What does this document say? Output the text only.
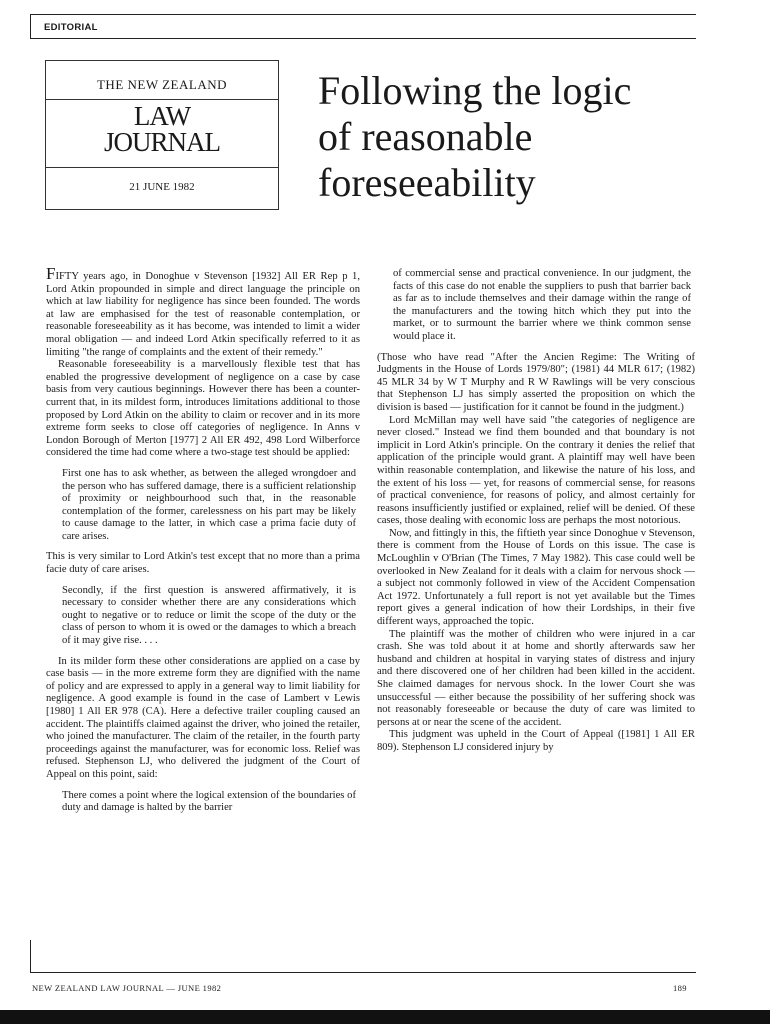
EDITORIAL
THE NEW ZEALAND
LAW
JOURNAL
21 JUNE 1982
Following the logic
of reasonable
foreseeability

FIFTY years ago, in Donoghue v Stevenson [1932] All ER Rep p 1, Lord Atkin propounded in simple and direct language the principle on which at law liability for negligence has since been founded. The words at law are emphasised for the test of reasonable contemplation, or reasonable foreseeability as it has become, was intended to limit a wider moral obligation — and indeed Lord Atkin specifically referred to it as limiting "the range of complaints and the extent of their remedy."

Reasonable foreseeability is a marvellously flexible test that has enabled the progressive development of negligence on a case by case basis from very cautious beginnings. However there has been a counter-current that, in its mildest form, introduces limitations additional to those proposed by Lord Atkin on the ability to claim or recover and in its more extreme form seeks to close off categories of negligence. In Anns v London Borough of Merton [1977] 2 All ER 492, 498 Lord Wilberforce considered the time had come where a two-stage test should be applied:

First one has to ask whether, as between the alleged wrongdoer and the person who has suffered damage, there is a sufficient relationship of proximity or neighbourhood such that, in the reasonable contemplation of the former, carelessness on his part may be likely to cause damage to the latter, in which case a prima facie duty of care arises.

This is very similar to Lord Atkin's test except that no more than a prima facie duty of care arises.

Secondly, if the first question is answered affirmatively, it is necessary to consider whether there are any considerations which ought to negative or to reduce or limit the scope of the duty or the class of person to whom it is owed or the damages to which a breach of it may give rise. . . .

In its milder form these other considerations are applied on a case by case basis — in the more extreme form they are dignified with the name of policy and are expressed to apply in a general way to limit liability for negligence. A good example is found in the case of Lambert v Lewis [1980] 1 All ER 978 (CA). Here a defective trailer coupling caused an accident. The plaintiffs claimed against the driver, who joined the retailer, who joined the manufacturer. The claim of the retailer, in the fourth party proceedings against the manufacturer, was for economic loss. Relief was refused. Stephenson LJ, who delivered the judgment of the Court of Appeal on this point, said:

There comes a point where the logical extension of the boundaries of duty and damage is halted by the barrier

of commercial sense and practical convenience. In our judgment, the facts of this case do not enable the suppliers to push that barrier back as far as to include themselves and their damage within the range of the manufacturers and the towing hitch which they put into the market, or to surmount the barrier where we think common sense would place it.

(Those who have read "After the Ancien Regime: The Writing of Judgments in the House of Lords 1979/80"; (1981) 44 MLR 617; (1982) 45 MLR 34 by W T Murphy and R W Rawlings will be very conscious that Stephenson LJ has simply asserted the proposition on which the division is based — justification for it cannot be found in the judgment.)

Lord McMillan may well have said "the categories of negligence are never closed." Instead we find them bounded and that boundary is not implicit in Lord Atkin's principle. On the contrary it denies the relief that application of the principle would grant. A plaintiff may well have been within reasonable contemplation, and likewise the nature of his loss, and the extent of his loss — yet, for reasons of commercial sense, for reasons of practical convenience, for reasons of policy, and almost certainly for reasons insufficiently justified or explained, relief will be denied. Of these cases, those dealing with economic loss are perhaps the most notorious.

Now, and fittingly in this, the fiftieth year since Donoghue v Stevenson, there is comment from the House of Lords on this issue. The case is McLoughlin v O'Brian (The Times, 7 May 1982). This case could well be overlooked in New Zealand for it deals with a claim for nervous shock — a subject not commonly followed in view of the Accident Compensation Act 1972. Unfortunately a full report is not yet available but the Times report gives a general indication of how their Lordships, in their five different ways, approached the topic.

The plaintiff was the mother of children who were injured in a car crash. She was told about it at home and shortly afterwards saw her husband and children at hospital in varying states of distress and injury and there discovered one of her children had been killed in the accident. She claimed damages for nervous shock. In the lower Court she was unsuccessful — either because the possibility of her suffering shock was not reasonably foreseeable or because the duty of care was limited to persons at or near the scene of the accident.

This judgment was upheld in the Court of Appeal ([1981] 1 All ER 809). Stephenson LJ considered injury by

NEW ZEALAND LAW JOURNAL — JUNE 1982	189
